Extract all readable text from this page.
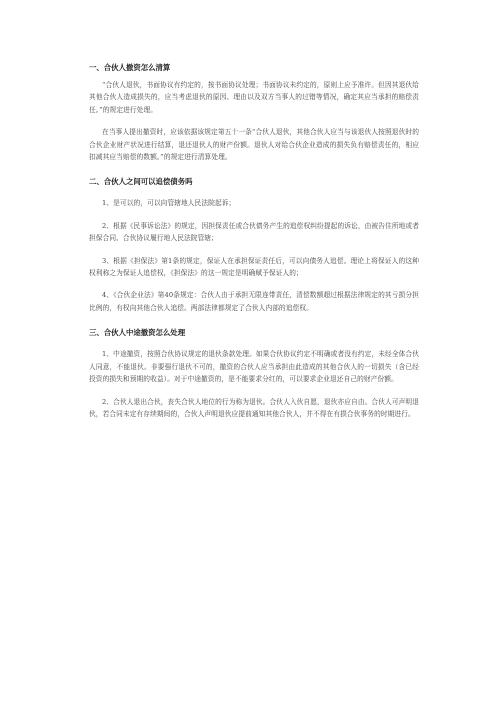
一、合伙人撤资怎么清算

“合伙人退伙，书面协议有约定的，按书面协议处理；书面协议未约定的，原则上应予准许。但因其退伙给其他合伙人造成损失的，应当考虑退伙的原因、理由以及双方当事人的过错等情况，确定其应当承担的赔偿责任。”的规定进行处理。

在当事人提出撤资时，应该依据该规定第五十一条“合伙人退伙，其他合伙人应当与该退伙人按照退伙时的合伙企业财产状况进行结算，退还退伙人的财产份额。退伙人对给合伙企业造成的损失负有赔偿责任的，相应扣减其应当赔偿的数额。”的规定进行清算处理。

二、合伙人之间可以追偿债务吗

1、是可以的，可以向管辖地人民法院起诉；

2、根据《民事诉讼法》的规定，因担保责任或合伙债务产生的追偿权纠纷提起的诉讼，由被告住所地或者担保合同、合伙协议履行地人民法院管辖；

3、根据《担保法》第1条的规定，保证人在承担保证责任后，可以向债务人追偿。理论上将保证人的这种权利称之为保证人追偿权，《担保法》的这一规定是明确赋予保证人的；

4、《合伙企业法》第40条规定：合伙人由于承担无限连带责任，清偿数额超过根据法律规定的其亏损分担比例的，有权向其他合伙人追偿。两部法律都规定了合伙人内部的追偿权。

三、合伙人中途撤资怎么处理

1、中途撤资，按照合伙协议规定的退伙条款处理。如果合伙协议约定不明确或者没有约定，未经全体合伙人同意，不能退伙。非要强行退伙不可的，撤资的合伙人应当承担由此造成的其他合伙人的一切损失（含已经投资的损失和预期的收益）。对于中途撤资的，是不能要求分红的，可以要求企业退还自己的财产份额。

2、合伙人退出合伙，丧失合伙人地位的行为称为退伙。合伙人入伙自愿，退伙亦应自由。合伙人可声明退伙，若合同未定有存续期间的，合伙人声明退伙应提前通知其他合伙人，并不得在有损合伙事务的时期进行。
